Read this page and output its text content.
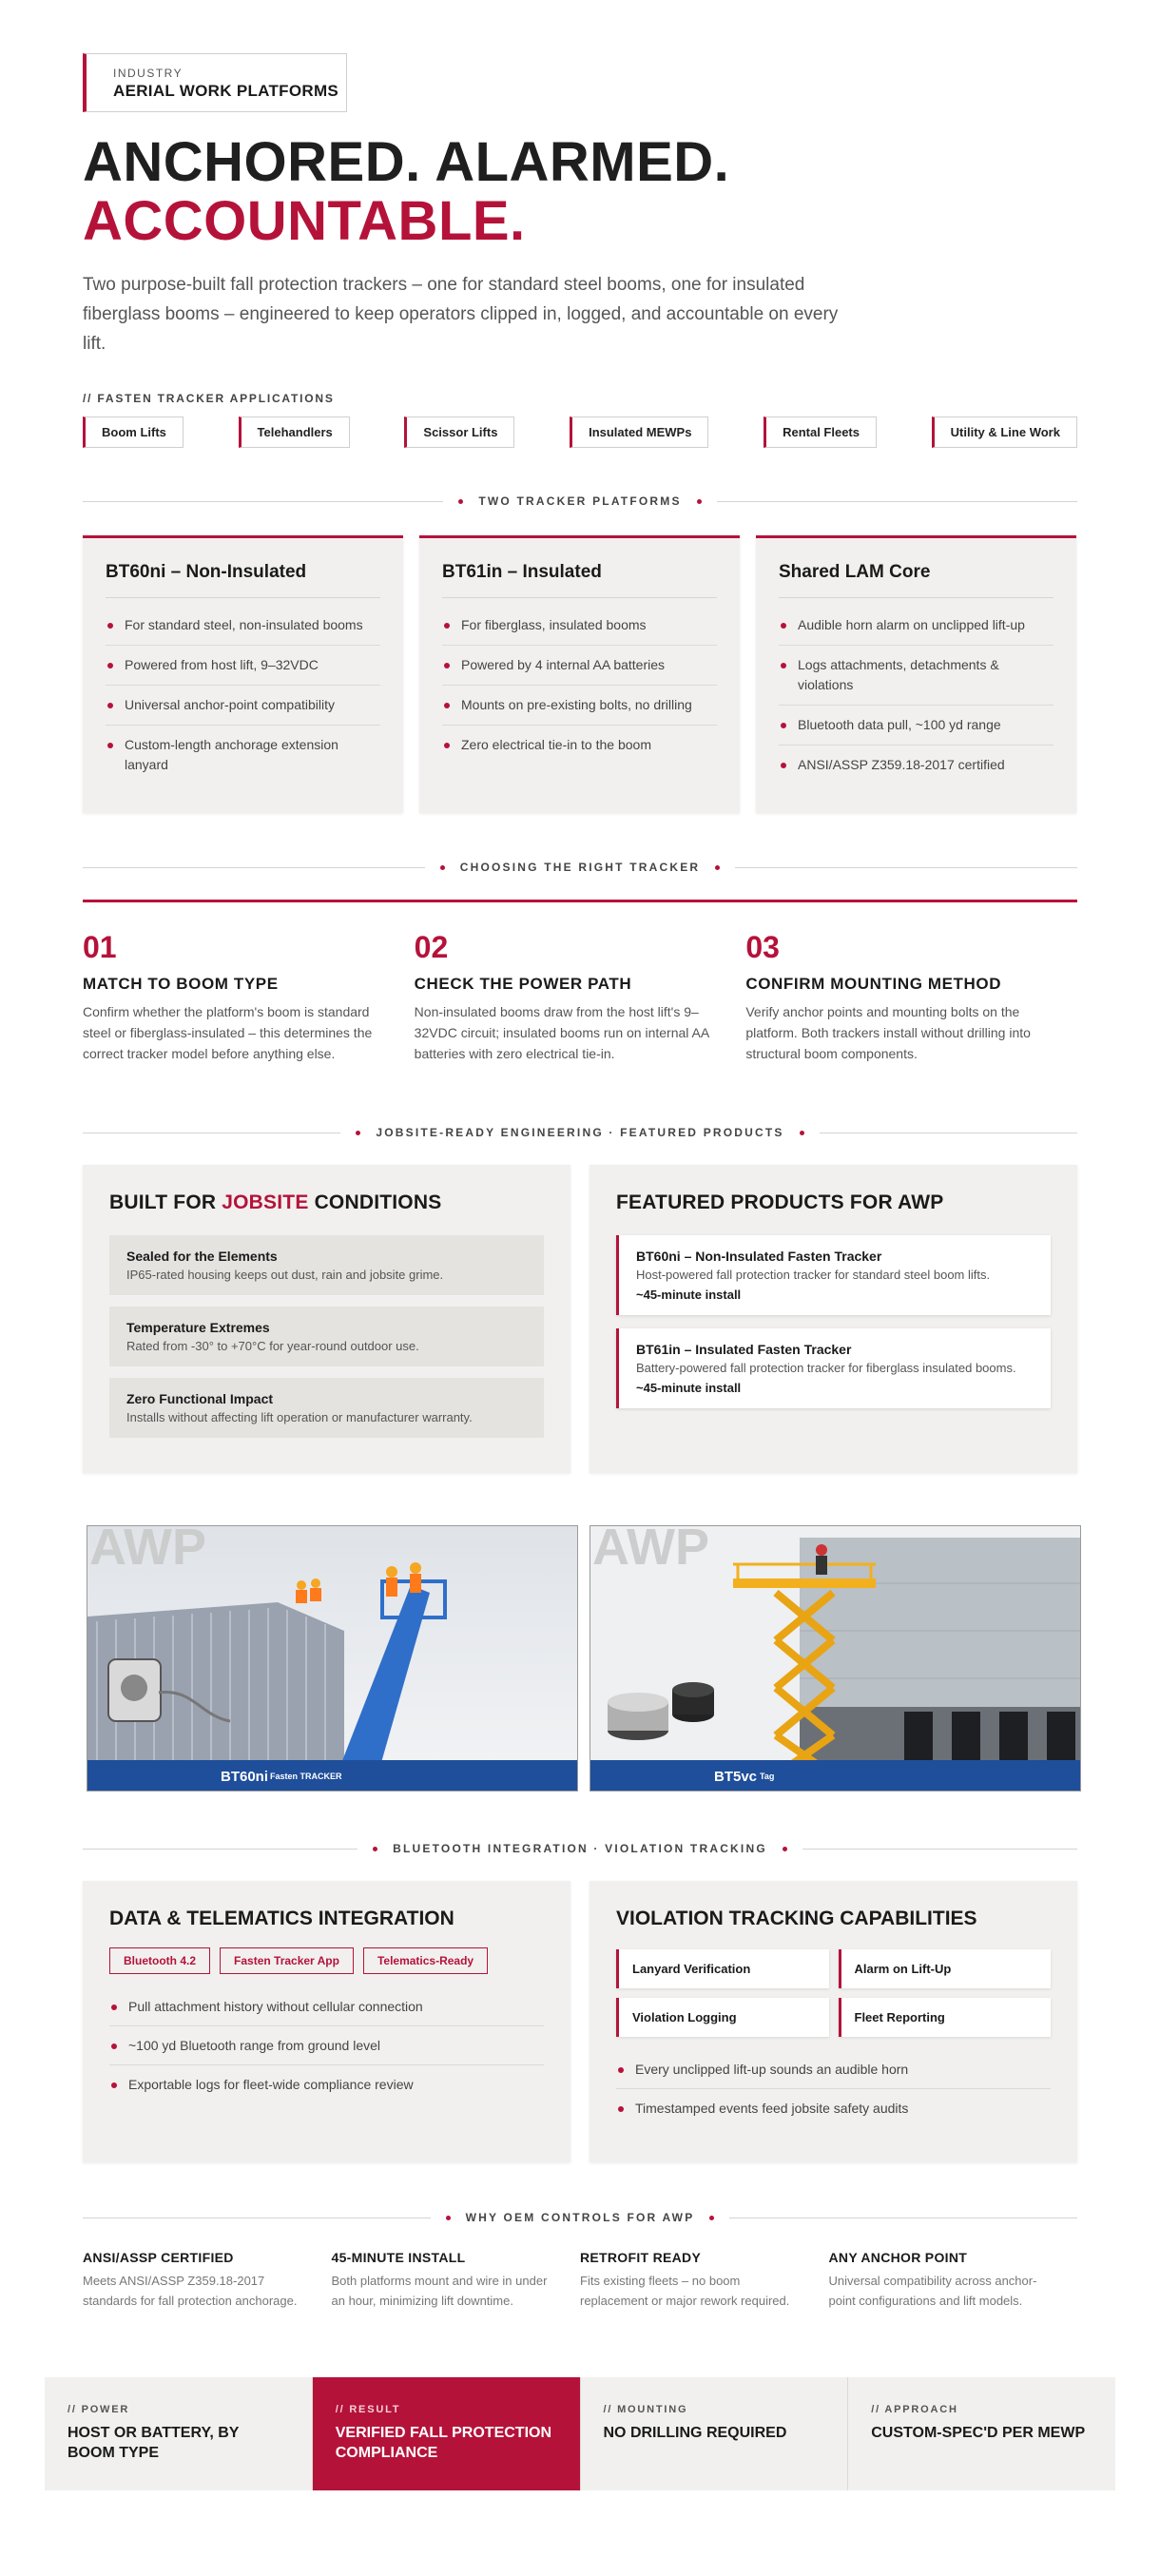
INDUSTRY
AERIAL WORK PLATFORMS
ANCHORED. ALARMED.
ACCOUNTABLE.

Two purpose-built fall protection trackers – one for standard steel booms, one for insulated fiberglass booms – engineered to keep operators clipped in, logged, and accountable on every lift.

// FASTEN TRACKER APPLICATIONS
Boom Lifts	Telehandlers	Scissor Lifts	Insulated MEWPs	Rental Fleets	Utility & Line Work
TWO TRACKER PLATFORMS
BT60ni – Non-Insulated
For standard steel, non-insulated booms
Powered from host lift, 9–32VDC
Universal anchor-point compatibility
Custom-length anchorage extension lanyard
BT61in – Insulated
For fiberglass, insulated booms
Powered by 4 internal AA batteries
Mounts on pre-existing bolts, no drilling
Zero electrical tie-in to the boom
Shared LAM Core
Audible horn alarm on unclipped lift-up
Logs attachments, detachments & violations
Bluetooth data pull, ~100 yd range
ANSI/ASSP Z359.18-2017 certified
CHOOSING THE RIGHT TRACKER
01
MATCH TO BOOM TYPE
Confirm whether the platform's boom is standard steel or fiberglass-insulated – this determines the correct tracker model before anything else.
02
CHECK THE POWER PATH
Non-insulated booms draw from the host lift's 9–32VDC circuit; insulated booms run on internal AA batteries with zero electrical tie-in.
03
CONFIRM MOUNTING METHOD
Verify anchor points and mounting bolts on the platform. Both trackers install without drilling into structural boom components.
JOBSITE-READY ENGINEERING · FEATURED PRODUCTS
BUILT FOR JOBSITE CONDITIONS
Sealed for the Elements
IP65-rated housing keeps out dust, rain and jobsite grime.
Temperature Extremes
Rated from -30° to +70°C for year-round outdoor use.
Zero Functional Impact
Installs without affecting lift operation or manufacturer warranty.
FEATURED PRODUCTS FOR AWP
BT60ni – Non-Insulated Fasten Tracker
Host-powered fall protection tracker for standard steel boom lifts.
~45-minute install
BT61in – Insulated Fasten Tracker
Battery-powered fall protection tracker for fiberglass insulated booms.
~45-minute install
AWP
BT60ni Fasten TRACKER
AWP
BT5vc Tag
BLUETOOTH INTEGRATION · VIOLATION TRACKING
DATA & TELEMATICS INTEGRATION
Bluetooth 4.2	Fasten Tracker App	Telematics-Ready
Pull attachment history without cellular connection
~100 yd Bluetooth range from ground level
Exportable logs for fleet-wide compliance review
VIOLATION TRACKING CAPABILITIES
Lanyard Verification	Alarm on Lift-Up
Violation Logging	Fleet Reporting
Every unclipped lift-up sounds an audible horn
Timestamped events feed jobsite safety audits
WHY OEM CONTROLS FOR AWP
ANSI/ASSP CERTIFIED
Meets ANSI/ASSP Z359.18-2017 standards for fall protection anchorage.
45-MINUTE INSTALL
Both platforms mount and wire in under an hour, minimizing lift downtime.
RETROFIT READY
Fits existing fleets – no boom replacement or major rework required.
ANY ANCHOR POINT
Universal compatibility across anchor-point configurations and lift models.
// POWER
HOST OR BATTERY, BY BOOM TYPE
// RESULT
VERIFIED FALL PROTECTION COMPLIANCE
// MOUNTING
NO DRILLING REQUIRED
// APPROACH
CUSTOM-SPEC'D PER MEWP
